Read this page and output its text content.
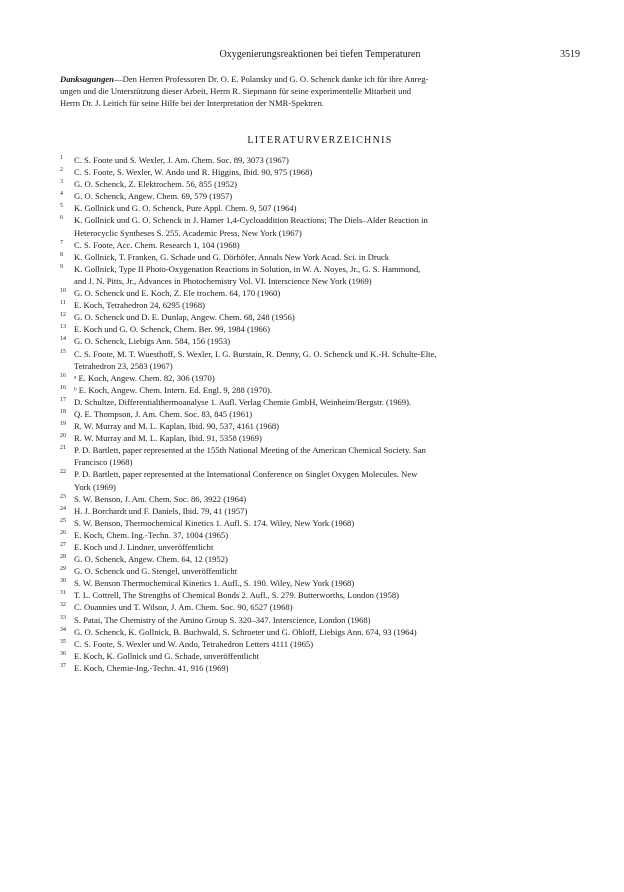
Oxygenierungsreaktionen bei tiefen Temperaturen	3519
Danksagungen—Den Herren Professoren Dr. O. E. Polansky und G. O. Schenck danke ich für ihre Anreg-
ungen und die Unterstützung dieser Arbeit, Herrn R. Siepmann für seine experimentelle Mitarbeit und
Herrn Dr. J. Leitich für seine Hilfe bei der Interpretation der NMR-Spektren.
LITERATURVERZEICHNIS
1 C. S. Foote und S. Wexler, J. Am. Chem. Soc. 89, 3073 (1967)
2 C. S. Foote, S. Wexler, W. Ando und R. Higgins, Ibid. 90, 975 (1968)
3 G. O. Schenck, Z. Elektrochem. 56, 855 (1952)
4 G. O. Schenck, Angew. Chem. 69, 579 (1957)
5 K. Gollnick und G. O. Schenck, Pure Appl. Chem. 9, 507 (1964)
6 K. Gollnick und G. O. Schenck in J. Hamer 1,4-Cycloaddition Reactions; The Diels–Alder Reaction in
Heterocyclic Syntheses S. 255. Academic Press, New York (1967)
7 C. S. Foote, Acc. Chem. Research 1, 104 (1968)
8 K. Gollnick, T. Franken, G. Schade und G. Dörhöfer, Annals New York Acad. Sci. in Druck
9 K. Gollnick, Type II Photo-Oxygenation Reactions in Solution, in W. A. Noyes, Jr., G. S. Hammond,
and J. N. Pitts, Jr., Advances in Photochemistry Vol. VI. Interscience New York (1969)
10 G. O. Schenck und E. Koch, Z. Ele trochem. 64, 170 (1960)
11 E. Koch, Tetrahedron 24, 6295 (1968)
12 G. O. Schenck und D. E. Dunlap, Angew. Chem. 68, 248 (1956)
13 E. Koch und G. O. Schenck, Chem. Ber. 99, 1984 (1966)
14 G. O. Schenck, Liebigs Ann. 584, 156 (1953)
15 C. S. Foote, M. T. Wuesthoff, S. Wexler, I. G. Burstain, R. Denny, G. O. Schenck und K.-H. Schulte-Elte,
Tetrahedron 23, 2583 (1967)
16 ᵃ E. Koch, Angew. Chem. 82, 306 (1970)
16 ᵇ E. Koch, Angew. Chem. Intern. Ed. Engl. 9, 288 (1970).
17 D. Schultze, Differentialthermoanalyse 1. Aufl. Verlag Chemie GmbH, Weinheim/Bergstr. (1969).
18 Q. E. Thompson, J. Am. Chem. Soc. 83, 845 (1961)
19 R. W. Murray and M. L. Kaplan, Ibid. 90, 537, 4161 (1968)
20 R. W. Murray and M. L. Kaplan, Ibid. 91, 5358 (1969)
21 P. D. Bartlett, paper represented at the 155th National Meeting of the American Chemical Society. San
Francisco (1968)
22 P. D. Bartlett, paper represented at the International Conference on Singlet Oxygen Molecules. New
York (1969)
23 S. W. Benson, J. Am. Chem. Soc. 86, 3922 (1964)
24 H. J. Borchardt und F. Daniels, Ibid. 79, 41 (1957)
25 S. W. Benson, Thermochemical Kinetics 1. Aufl. S. 174. Wiley, New York (1968)
26 E. Koch, Chem. Ing.-Techn. 37, 1004 (1965)
27 E. Koch und J. Lindner, unveröffentlicht
28 G. O. Schenck, Angew. Chem. 64, 12 (1952)
29 G. O. Schenck und G. Stengel, unveröffentlicht
30 S. W. Benson Thermochemical Kinetics 1. Aufl., S. 190. Wiley, New York (1968)
31 T. L. Cottrell, The Strengths of Chemical Bonds 2. Aufl., S. 279. Butterworths, London (1958)
32 C. Ouannies und T. Wilson, J. Am. Chem. Soc. 90, 6527 (1968)
33 S. Patai, The Chemistry of the Amino Group S. 320–347. Interscience, London (1968)
34 G. O. Schenck, K. Gollnick, B. Buchwald, S. Schroeter und G. Ohloff, Liebigs Ann. 674, 93 (1964)
35 C. S. Foote, S. Wexler und W. Ando, Tetrahedron Letters 4111 (1965)
36 E. Koch, K. Gollnick und G. Schade, unveröffentlicht
37 E. Koch, Chemie-Ing.-Techn. 41, 916 (1969)
